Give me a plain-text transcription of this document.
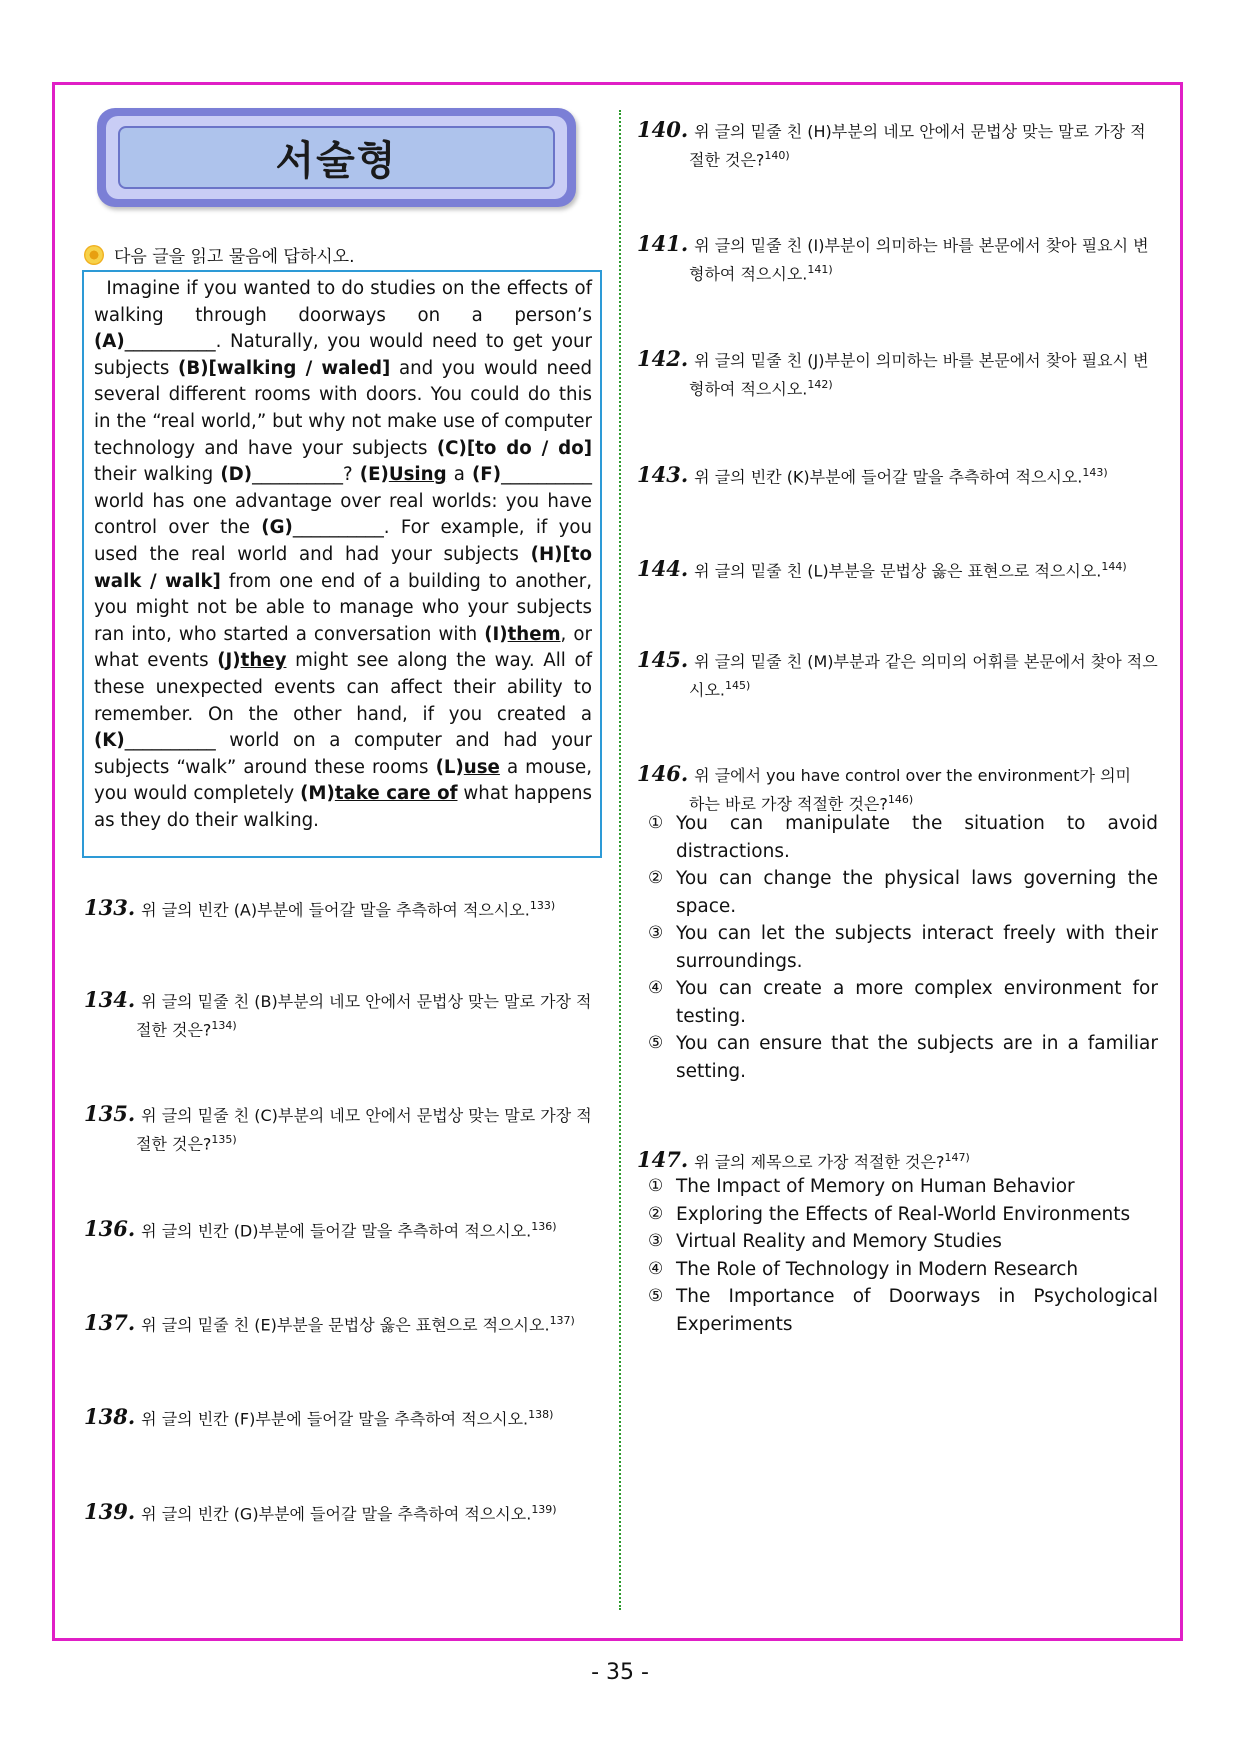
서술형
다음 글을 읽고 물음에 답하시오.
Imagine if you wanted to do studies on the effects of walking through doorways on a person’s (A)__________. Naturally, you would need to get your subjects (B)[walking / waled] and you would need several different rooms with doors. You could do this in the “real world,” but why not make use of computer technology and have your subjects (C)[to do / do] their walking (D)__________? (E)Using a (F)__________ world has one advantage over real worlds: you have control over the (G)__________. For example, if you used the real world and had your subjects (H)[to walk / walk] from one end of a building to another, you might not be able to manage who your subjects ran into, who started a conversation with (I)them, or what events (J)they might see along the way. All of these unexpected events can affect their ability to remember. On the other hand, if you created a (K)__________ world on a computer and had your subjects “walk” around these rooms (L)use a mouse, you would completely (M)take care of what happens as they do their walking.
133. 위 글의 빈칸 (A)부분에 들어갈 말을 추측하여 적으시오.$^{133)}$
134. 위 글의 밑줄 친 (B)부분의 네모 안에서 문법상 맞는 말로 가장 적
절한 것은?$^{134)}$
135. 위 글의 밑줄 친 (C)부분의 네모 안에서 문법상 맞는 말로 가장 적
절한 것은?$^{135)}$
136. 위 글의 빈칸 (D)부분에 들어갈 말을 추측하여 적으시오.$^{136)}$
137. 위 글의 밑줄 친 (E)부분을 문법상 옳은 표현으로 적으시오.$^{137)}$
138. 위 글의 빈칸 (F)부분에 들어갈 말을 추측하여 적으시오.$^{138)}$
139. 위 글의 빈칸 (G)부분에 들어갈 말을 추측하여 적으시오.$^{139)}$
140. 위 글의 밑줄 친 (H)부분의 네모 안에서 문법상 맞는 말로 가장 적
절한 것은?$^{140)}$
141. 위 글의 밑줄 친 (I)부분이 의미하는 바를 본문에서 찾아 필요시 변
형하여 적으시오.$^{141)}$
142. 위 글의 밑줄 친 (J)부분이 의미하는 바를 본문에서 찾아 필요시 변
형하여 적으시오.$^{142)}$
143. 위 글의 빈칸 (K)부분에 들어갈 말을 추측하여 적으시오.$^{143)}$
144. 위 글의 밑줄 친 (L)부분을 문법상 옳은 표현으로 적으시오.$^{144)}$
145. 위 글의 밑줄 친 (M)부분과 같은 의미의 어휘를 본문에서 찾아 적으
시오.$^{145)}$
146. 위 글에서 you have control over the environment가 의미
하는 바로 가장 적절한 것은?$^{146)}$
① You can manipulate the situation to avoid distractions.
② You can change the physical laws governing the space.
③ You can let the subjects interact freely with their surroundings.
④ You can create a more complex environment for testing.
⑤ You can ensure that the subjects are in a familiar setting.
147. 위 글의 제목으로 가장 적절한 것은?$^{147)}$
① The Impact of Memory on Human Behavior
② Exploring the Effects of Real-World Environments
③ Virtual Reality and Memory Studies
④ The Role of Technology in Modern Research
⑤ The Importance of Doorways in Psychological Experiments
- 35 -
